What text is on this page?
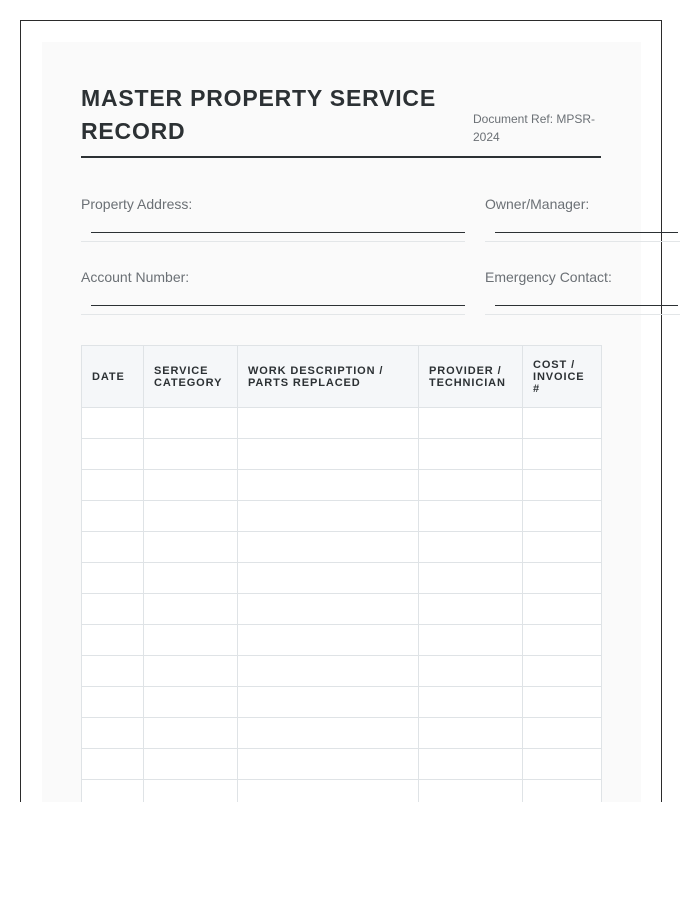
MASTER PROPERTY SERVICE
RECORD	Document Ref: MPSR-2024
Property Address:	Owner/Manager:
Account Number:	Emergency Contact:
DATE	SERVICE CATEGORY	WORK DESCRIPTION / PARTS REPLACED	PROVIDER / TECHNICIAN	COST / INVOICE #
